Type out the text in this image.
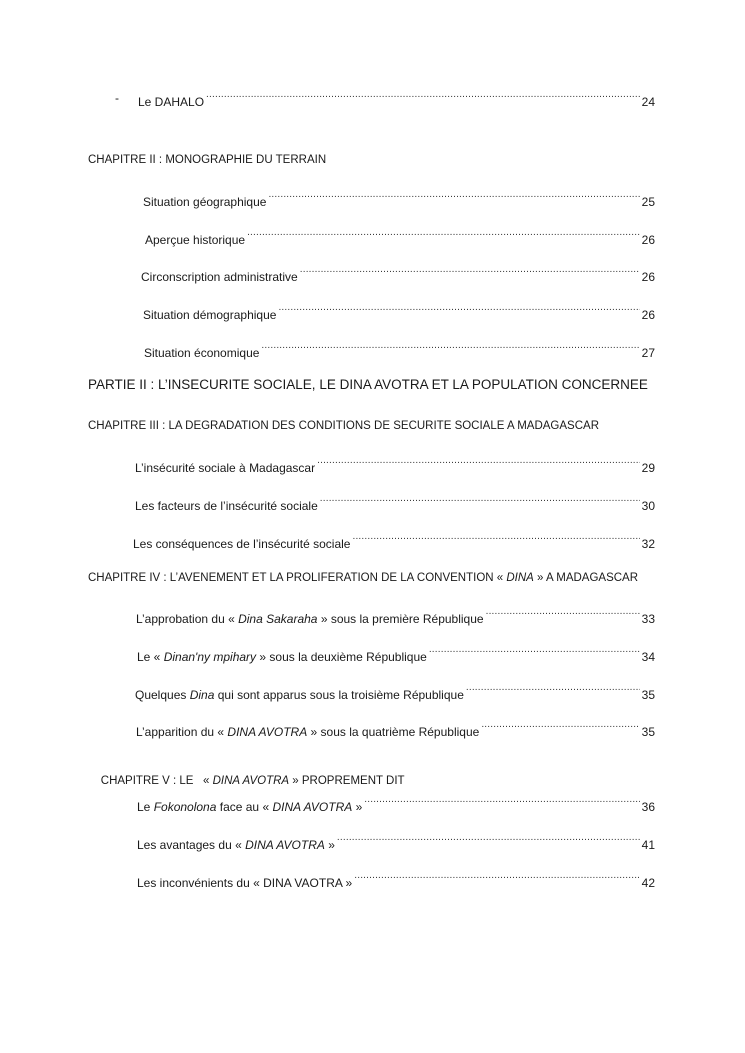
- Le DAHALO .....	24
CHAPITRE II : MONOGRAPHIE DU TERRAIN
Situation géographique .....	25
Aperçue historique .....	26
Circonscription administrative .....	26
Situation démographique .....	26
Situation économique .....	27
PARTIE II : L’INSECURITE SOCIALE, LE DINA AVOTRA ET LA POPULATION CONCERNEE
CHAPITRE III : LA DEGRADATION DES CONDITIONS DE SECURITE SOCIALE A MADAGASCAR
L’insécurité sociale à Madagascar .....	29
Les facteurs de l’insécurité sociale .....	30
Les conséquences de l’insécurité sociale .....	32
CHAPITRE IV : L’AVENEMENT ET LA PROLIFERATION DE LA CONVENTION « DINA » A MADAGASCAR
L’approbation du « Dina Sakaraha » sous la première République .....	33
Le « Dinan'ny mpihary » sous la deuxième République .....	34
Quelques Dina qui sont apparus sous la troisième République .....	35
L’apparition du « DINA AVOTRA » sous la quatrième République .....	35

CHAPITRE V : LE   « DINA AVOTRA » PROPREMENT DIT

Le Fokonolona face au « DINA AVOTRA » .....	36
Les avantages du « DINA AVOTRA » .....	41
Les inconvénients du « DINA VAOTRA » .....	42
